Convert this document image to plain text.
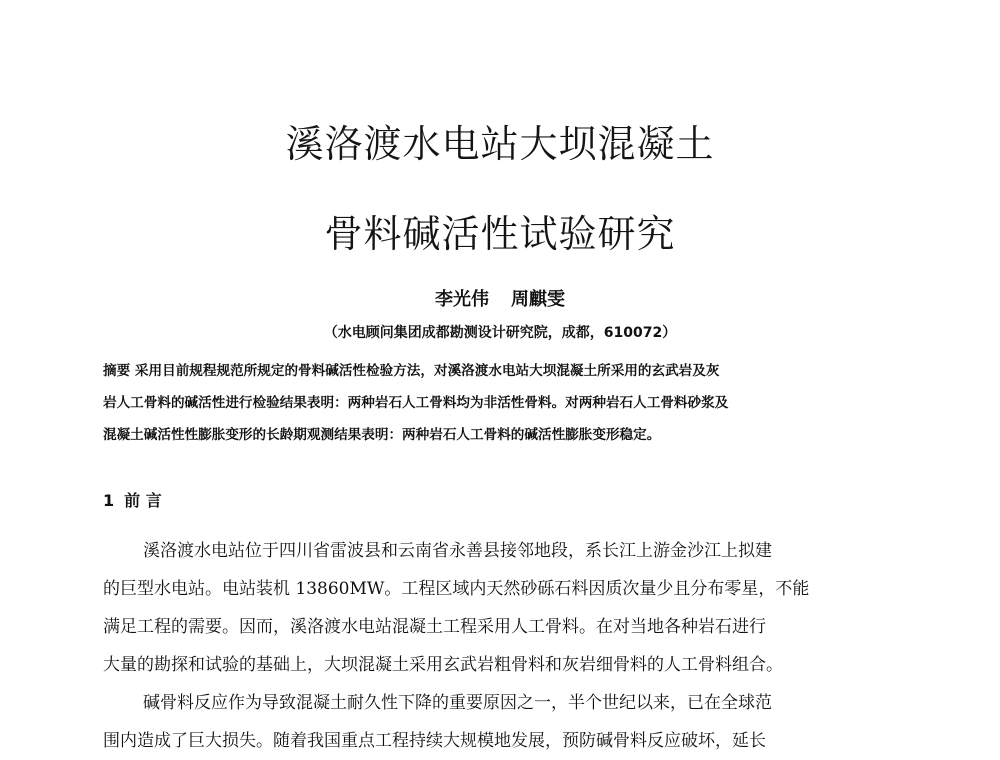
溪洛渡水电站大坝混凝土
骨料碱活性试验研究
李光伟 周麒雯
（水电顾问集团成都勘测设计研究院，成都，610072）
摘要 采用目前规程规范所规定的骨料碱活性检验方法，对溪洛渡水电站大坝混凝土所采用的玄武岩及灰
岩人工骨料的碱活性进行检验结果表明：两种岩石人工骨料均为非活性骨料。对两种岩石人工骨料砂浆及
混凝土碱活性性膨胀变形的长龄期观测结果表明：两种岩石人工骨料的碱活性膨胀变形稳定。
1 前 言
溪洛渡水电站位于四川省雷波县和云南省永善县接邻地段，系长江上游金沙江上拟建
的巨型水电站。电站装机 13860MW。工程区域内天然砂砾石料因质次量少且分布零星，不能
满足工程的需要。因而，溪洛渡水电站混凝土工程采用人工骨料。在对当地各种岩石进行
大量的勘探和试验的基础上，大坝混凝土采用玄武岩粗骨料和灰岩细骨料的人工骨料组合。
碱骨料反应作为导致混凝土耐久性下降的重要原因之一，半个世纪以来，已在全球范
围内造成了巨大损失。随着我国重点工程持续大规模地发展，预防碱骨料反应破坏，延长
